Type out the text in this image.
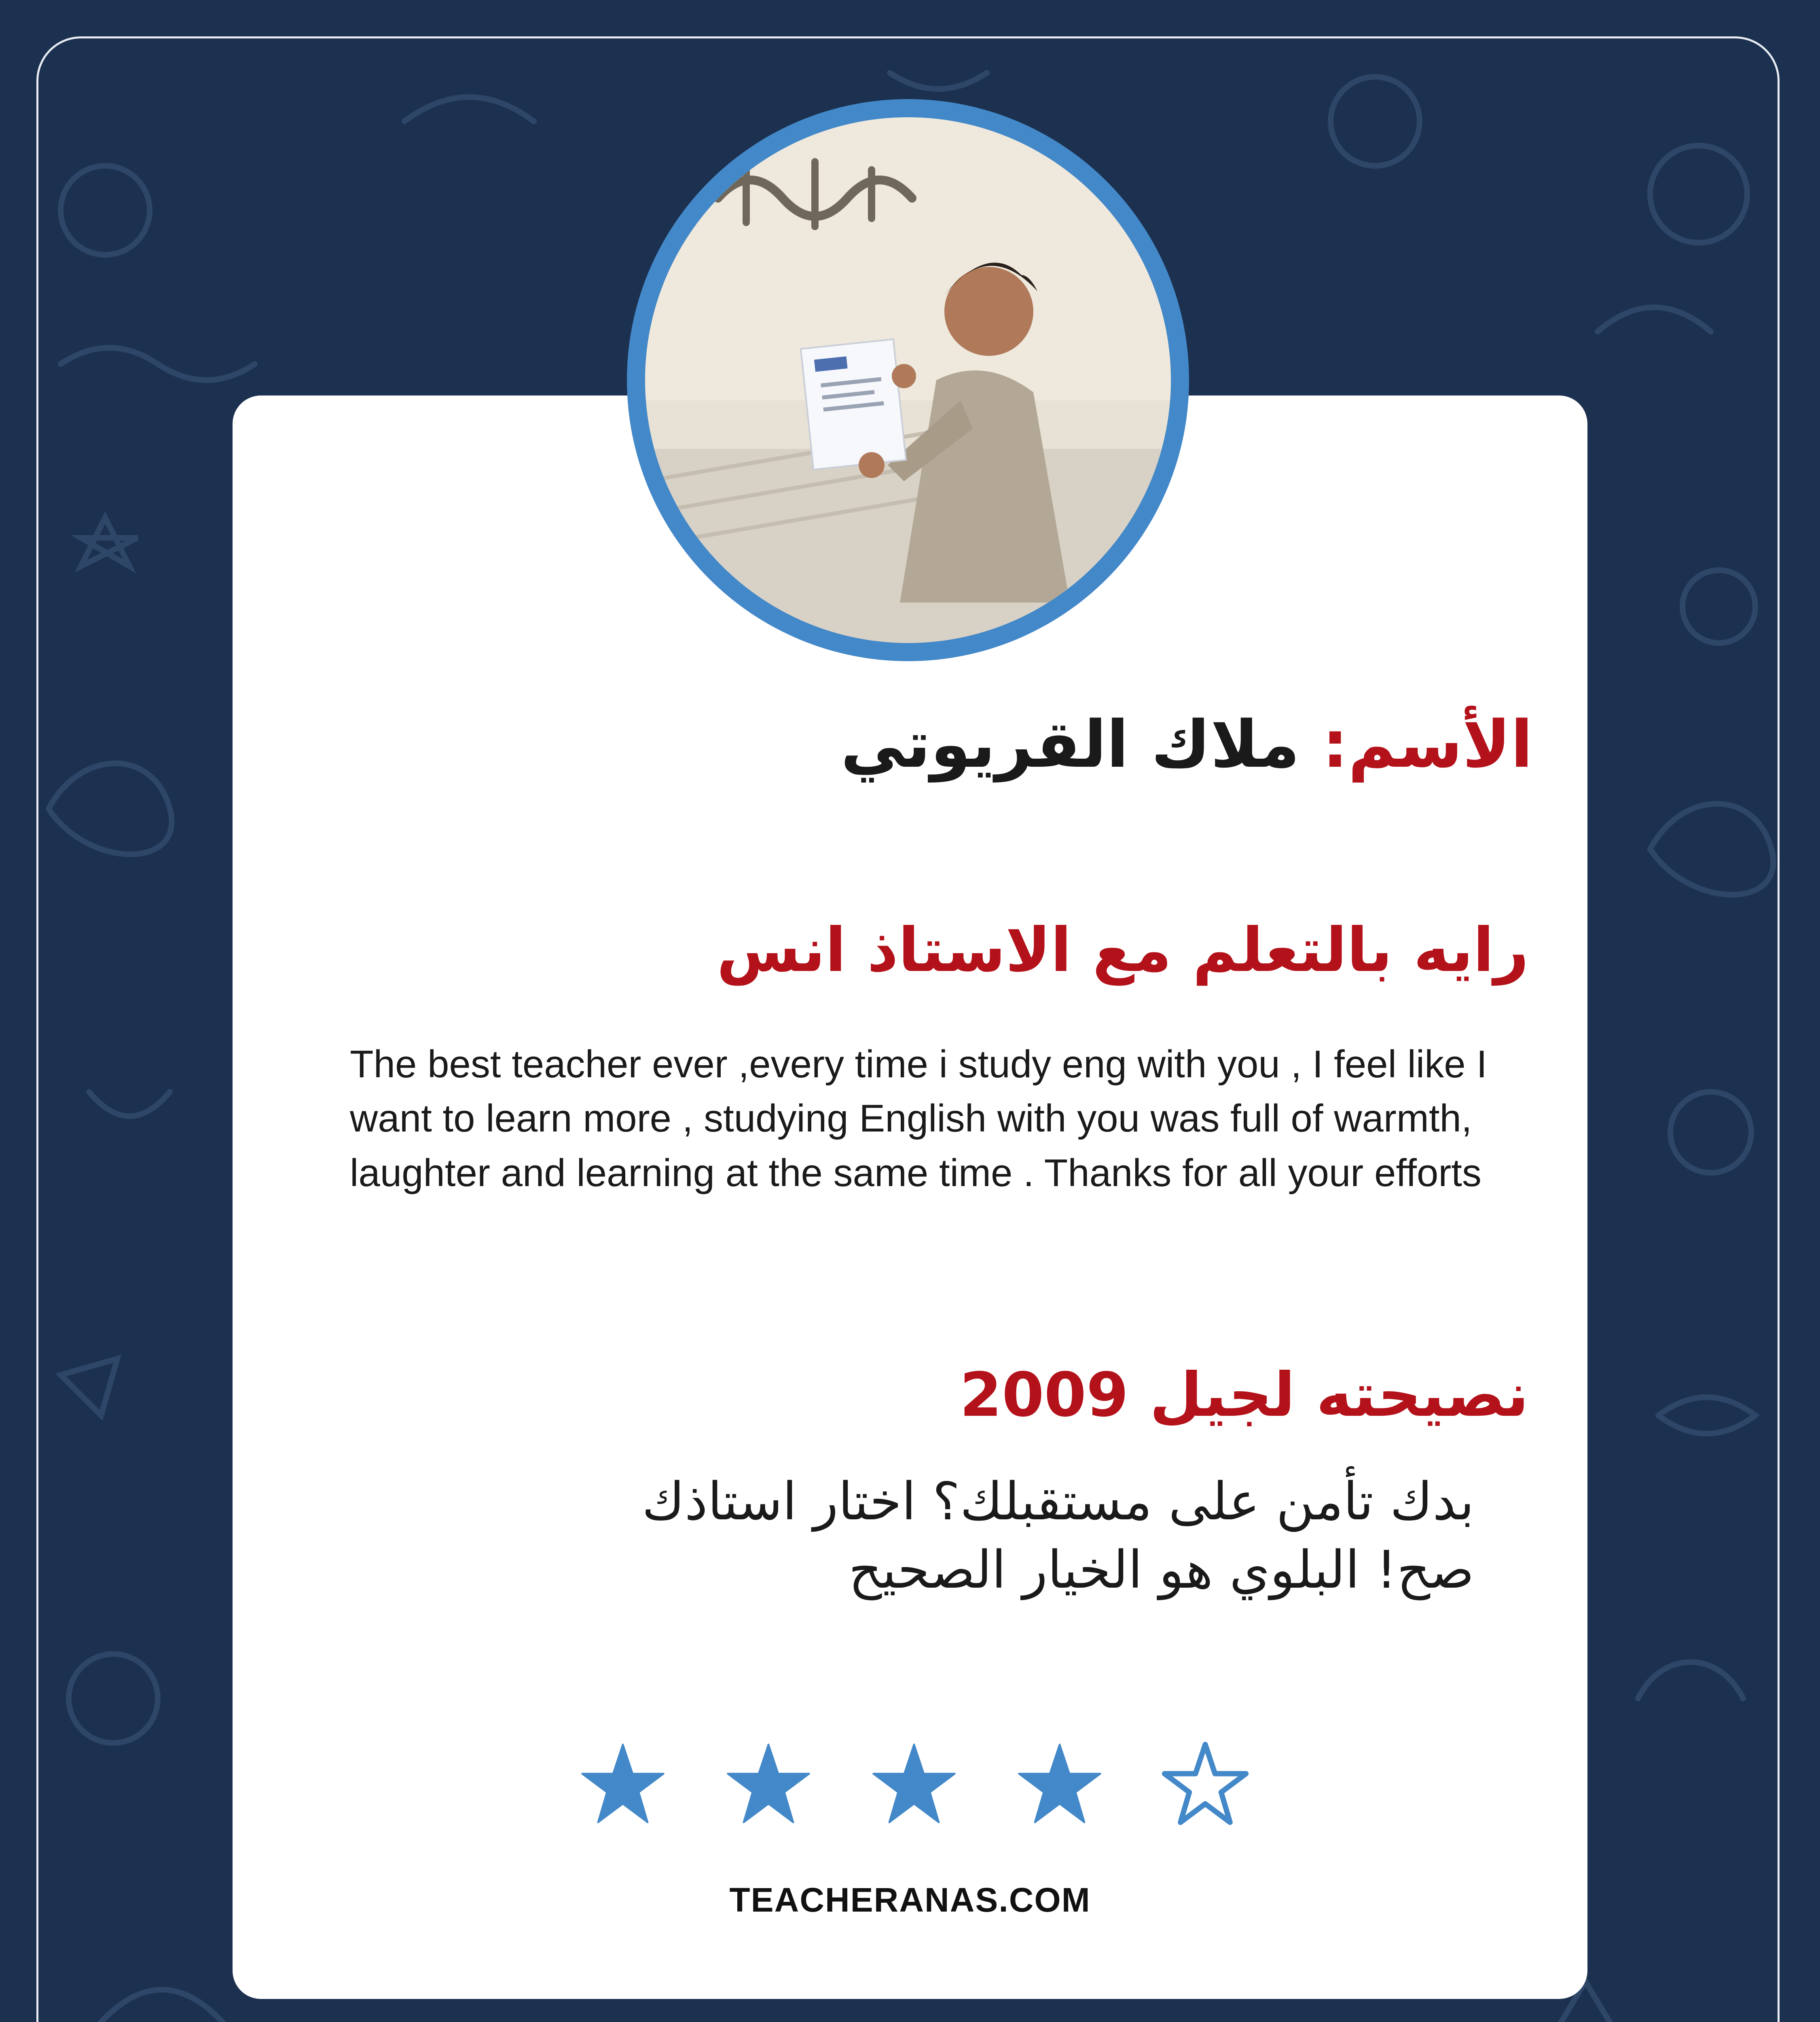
الأسم: ملاك القريوتي
رايه بالتعلم مع الاستاذ انس
The best teacher ever ,every time i study eng with you , I feel like I want to learn more , studying English with you was full of warmth, laughter and learning at the same time . Thanks for all your efforts
نصيحته لجيل 2009
بدك تأمن على مستقبلك؟ اختار استاذك
صح! البلوي هو الخيار الصحيح
TEACHERANAS.COM
